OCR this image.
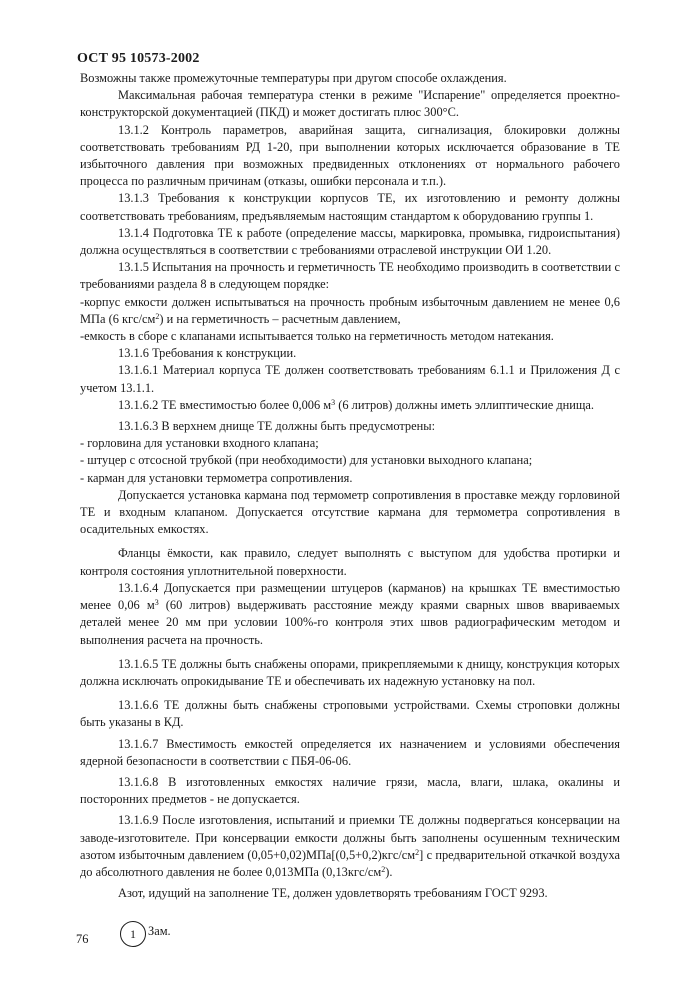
ОСТ 95 10573-2002

Возможны также промежуточные температуры при другом способе охлаждения.

Максимальная рабочая температура стенки в режиме "Испарение" определяется проектно-конструкторской документацией (ПКД) и может достигать плюс 300°С.

13.1.2 Контроль параметров, аварийная защита, сигнализация, блокировки должны соответствовать требованиям РД 1-20, при выполнении которых исключается образование в ТЕ избыточного давления при возможных предвиденных отклонениях от нормального рабочего процесса по различным причинам (отказы, ошибки персонала и т.п.).

13.1.3 Требования к конструкции корпусов ТЕ, их изготовлению и ремонту должны соответствовать требованиям, предъявляемым настоящим стандартом к оборудованию группы 1.

13.1.4 Подготовка ТЕ к работе (определение массы, маркировка, промывка, гидроиспытания) должна осуществляться в соответствии с требованиями отраслевой инструкции ОИ 1.20.

13.1.5 Испытания на прочность и герметичность ТЕ необходимо производить в соответствии с требованиями раздела 8 в следующем порядке:

-корпус емкости должен испытываться на прочность пробным избыточным давлением не менее 0,6 МПа (6 кгс/$см^2$) и на герметичность – расчетным давлением,

-емкость в сборе с клапанами испытывается только на герметичность методом натекания.

13.1.6 Требования к конструкции.

13.1.6.1 Материал корпуса ТЕ должен соответствовать требованиям 6.1.1 и Приложения Д с учетом 13.1.1.

13.1.6.2 ТЕ вместимостью более 0,006 $м^3$ (6 литров) должны иметь эллиптические днища.

13.1.6.3 В верхнем днище ТЕ должны быть предусмотрены:

- горловина для установки входного клапана;

- штуцер с отсосной трубкой (при необходимости) для установки выходного клапана;

- карман для установки термометра сопротивления.

Допускается установка кармана под термометр сопротивления в проставке между горловиной ТЕ и входным клапаном. Допускается отсутствие кармана для термометра сопротивления в осадительных емкостях.

Фланцы ёмкости, как правило, следует выполнять с выступом для удобства протирки и контроля состояния уплотнительной поверхности.

13.1.6.4 Допускается при размещении штуцеров (карманов) на крышках ТЕ вместимостью менее 0,06 $м^3$ (60 литров) выдерживать расстояние между краями сварных швов ввариваемых деталей менее 20 мм при условии 100%-го контроля этих швов радиографическим методом и выполнения расчета на прочность.

13.1.6.5 ТЕ должны быть снабжены опорами, прикрепляемыми к днищу, конструкция которых должна исключать опрокидывание ТЕ и обеспечивать их надежную установку на пол.

13.1.6.6 ТЕ должны быть снабжены строповыми устройствами. Схемы строповки должны быть указаны в КД.

13.1.6.7 Вместимость емкостей определяется их назначением и условиями обеспечения ядерной безопасности в соответствии с ПБЯ-06-06.

13.1.6.8 В изготовленных емкостях наличие грязи, масла, влаги, шлака, окалины и посторонних предметов - не допускается.

13.1.6.9 После изготовления, испытаний и приемки ТЕ должны подвергаться консервации на заводе-изготовителе. При консервации емкости должны быть заполнены осушенным техническим азотом избыточным давлением $(0,05+0,02)МПа[(0,5+0,2)кгс/см^2]$ с предварительной откачкой воздуха до абсолютного давления не более 0,013МПа $(0,13кгс/см^2)$.

Азот, идущий на заполнение ТЕ, должен удовлетворять требованиям ГОСТ 9293.

76	1 Зам.
